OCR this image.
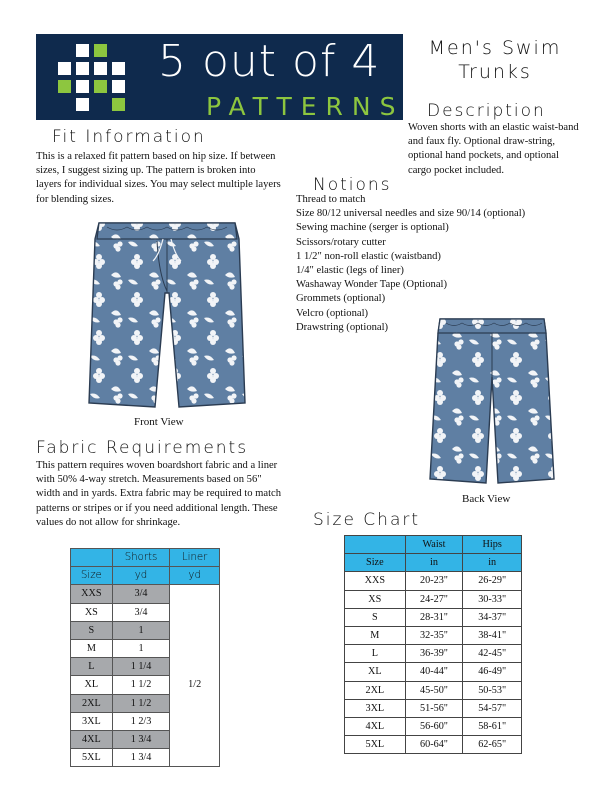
5 out of 4
PATTERNS
Men's Swim
Trunks
Description
Woven shorts with an elastic waist-band and faux fly. Optional draw-string, optional hand pockets, and optional cargo pocket included.
Fit Information
This is a relaxed fit pattern based on hip size. If between sizes, I suggest sizing up. The pattern is broken into layers for individual sizes. You may select multiple layers for blending sizes.
Notions
Thread to match
Size 80/12 universal needles and size 90/14 (optional)
Sewing machine (serger is optional)
Scissors/rotary cutter
1 1/2" non-roll elastic (waistband)
1/4" elastic (legs of liner)
Washaway Wonder Tape (Optional)
Grommets (optional)
Velcro (optional)
Drawstring (optional)
Front View
Back View
Fabric Requirements
This pattern requires woven boardshort fabric and a liner with 50% 4-way stretch. Measurements based on 56" width and in yards. Extra fabric may be required to match patterns or stripes or if you need additional length. These values do not allow for shrinkage.
	Shorts	Liner
Size	yd	yd
XXS	3/4	
XS	3/4	1/2
S	1	
M	1	
L	1 1/4	
XL	1 1/2	
2XL	1 1/2	
3XL	1 2/3	
4XL	1 3/4	
5XL	1 3/4	
Size Chart
	Waist	Hips
Size	in	in
XXS	20-23"	26-29"
XS	24-27"	30-33"
S	28-31"	34-37"
M	32-35"	38-41"
L	36-39"	42-45"
XL	40-44"	46-49"
2XL	45-50"	50-53"
3XL	51-56"	54-57"
4XL	56-60"	58-61"
5XL	60-64"	62-65"
